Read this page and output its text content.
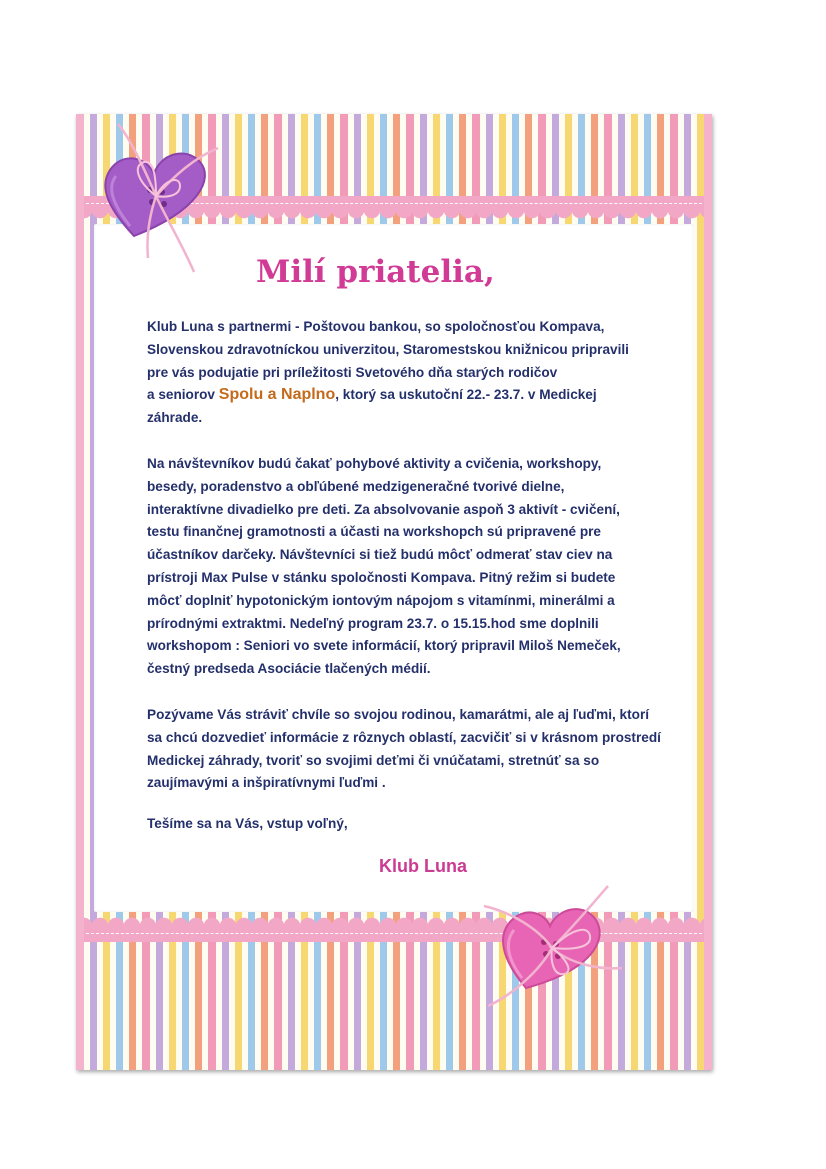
Milí priatelia,
Klub Luna s partnermi - Poštovou bankou, so spoločnosťou Kompava,
Slovenskou zdravotníckou univerzitou, Staromestskou knižnicou pripravili
pre vás podujatie pri príležitosti Svetového dňa starých rodičov
a seniorov Spolu a Naplno, ktorý sa uskutoční 22.- 23.7. v Medickej
záhrade.
Na návštevníkov budú čakať pohybové aktivity a cvičenia, workshopy,
besedy, poradenstvo a obľúbené medzigeneračné tvorivé dielne,
interaktívne divadielko pre deti. Za absolvovanie aspoň 3 aktivít - cvičení,
testu finančnej gramotnosti a účasti na workshopch sú pripravené pre
účastníkov darčeky. Návštevníci si tiež budú môcť odmerať stav ciev na
prístroji Max Pulse v stánku spoločnosti Kompava. Pitný režim si budete
môcť doplniť hypotonickým iontovým nápojom s vitamínmi, minerálmi a
prírodnými extraktmi. Nedeľný program 23.7. o 15.15.hod sme doplnili
workshopom : Seniori vo svete informácií, ktorý pripravil Miloš Nemeček,
čestný predseda Asociácie tlačených médií.
Pozývame Vás stráviť chvíle so svojou rodinou, kamarátmi, ale aj ľuďmi, ktorí
sa chcú dozvedieť informácie z rôznych oblastí, zacvičiť si v krásnom prostredí
Medickej záhrady, tvoriť so svojimi deťmi či vnúčatami, stretnúť sa so
zaujímavými a inšpiratívnymi ľuďmi .

Tešíme sa na Vás, vstup voľný,

Klub Luna
